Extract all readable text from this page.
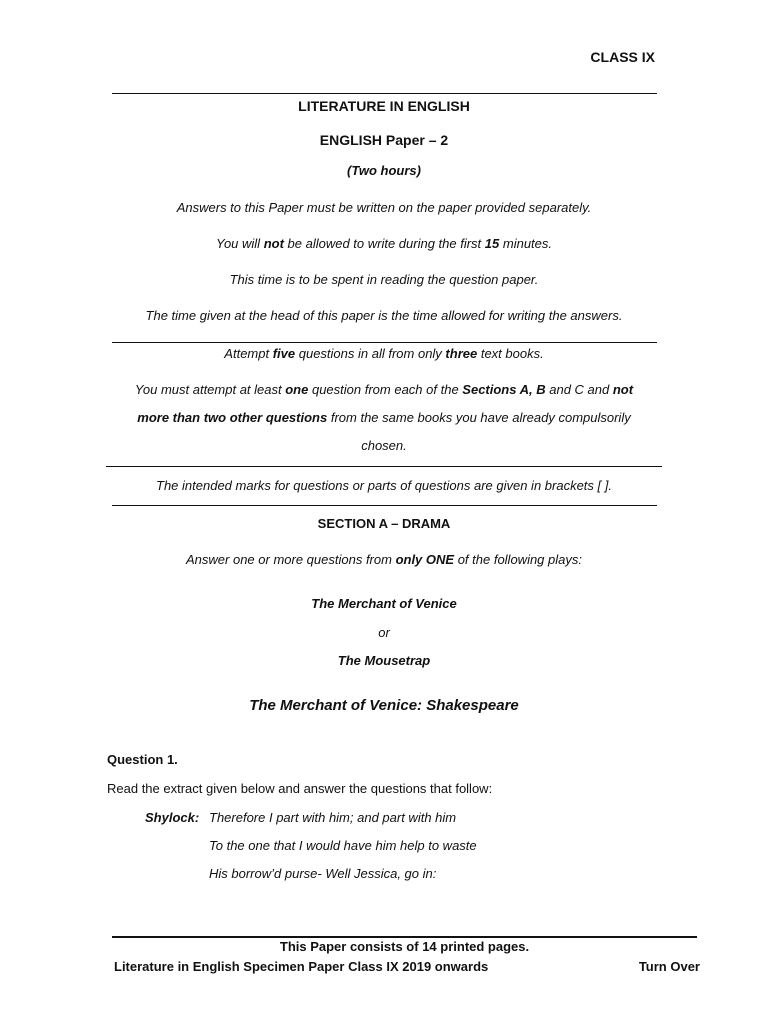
CLASS IX
LITERATURE IN ENGLISH
ENGLISH Paper – 2
(Two hours)
Answers to this Paper must be written on the paper provided separately.
You will not be allowed to write during the first 15 minutes.
This time is to be spent in reading the question paper.
The time given at the head of this paper is the time allowed for writing the answers.
Attempt five questions in all from only three text books.
You must attempt at least one question from each of the Sections A, B and C and not
more than two other questions from the same books you have already compulsorily
chosen.
The intended marks for questions or parts of questions are given in brackets [ ].
SECTION A – DRAMA
Answer one or more questions from only ONE of the following plays:
The Merchant of Venice
or
The Mousetrap
The Merchant of Venice: Shakespeare
Question 1.
Read the extract given below and answer the questions that follow:
Shylock: Therefore I part with him; and part with him
To the one that I would have him help to waste
His borrow’d purse- Well Jessica, go in:
This Paper consists of 14 printed pages.
Literature in English Specimen Paper Class IX 2019 onwards	Turn Over
